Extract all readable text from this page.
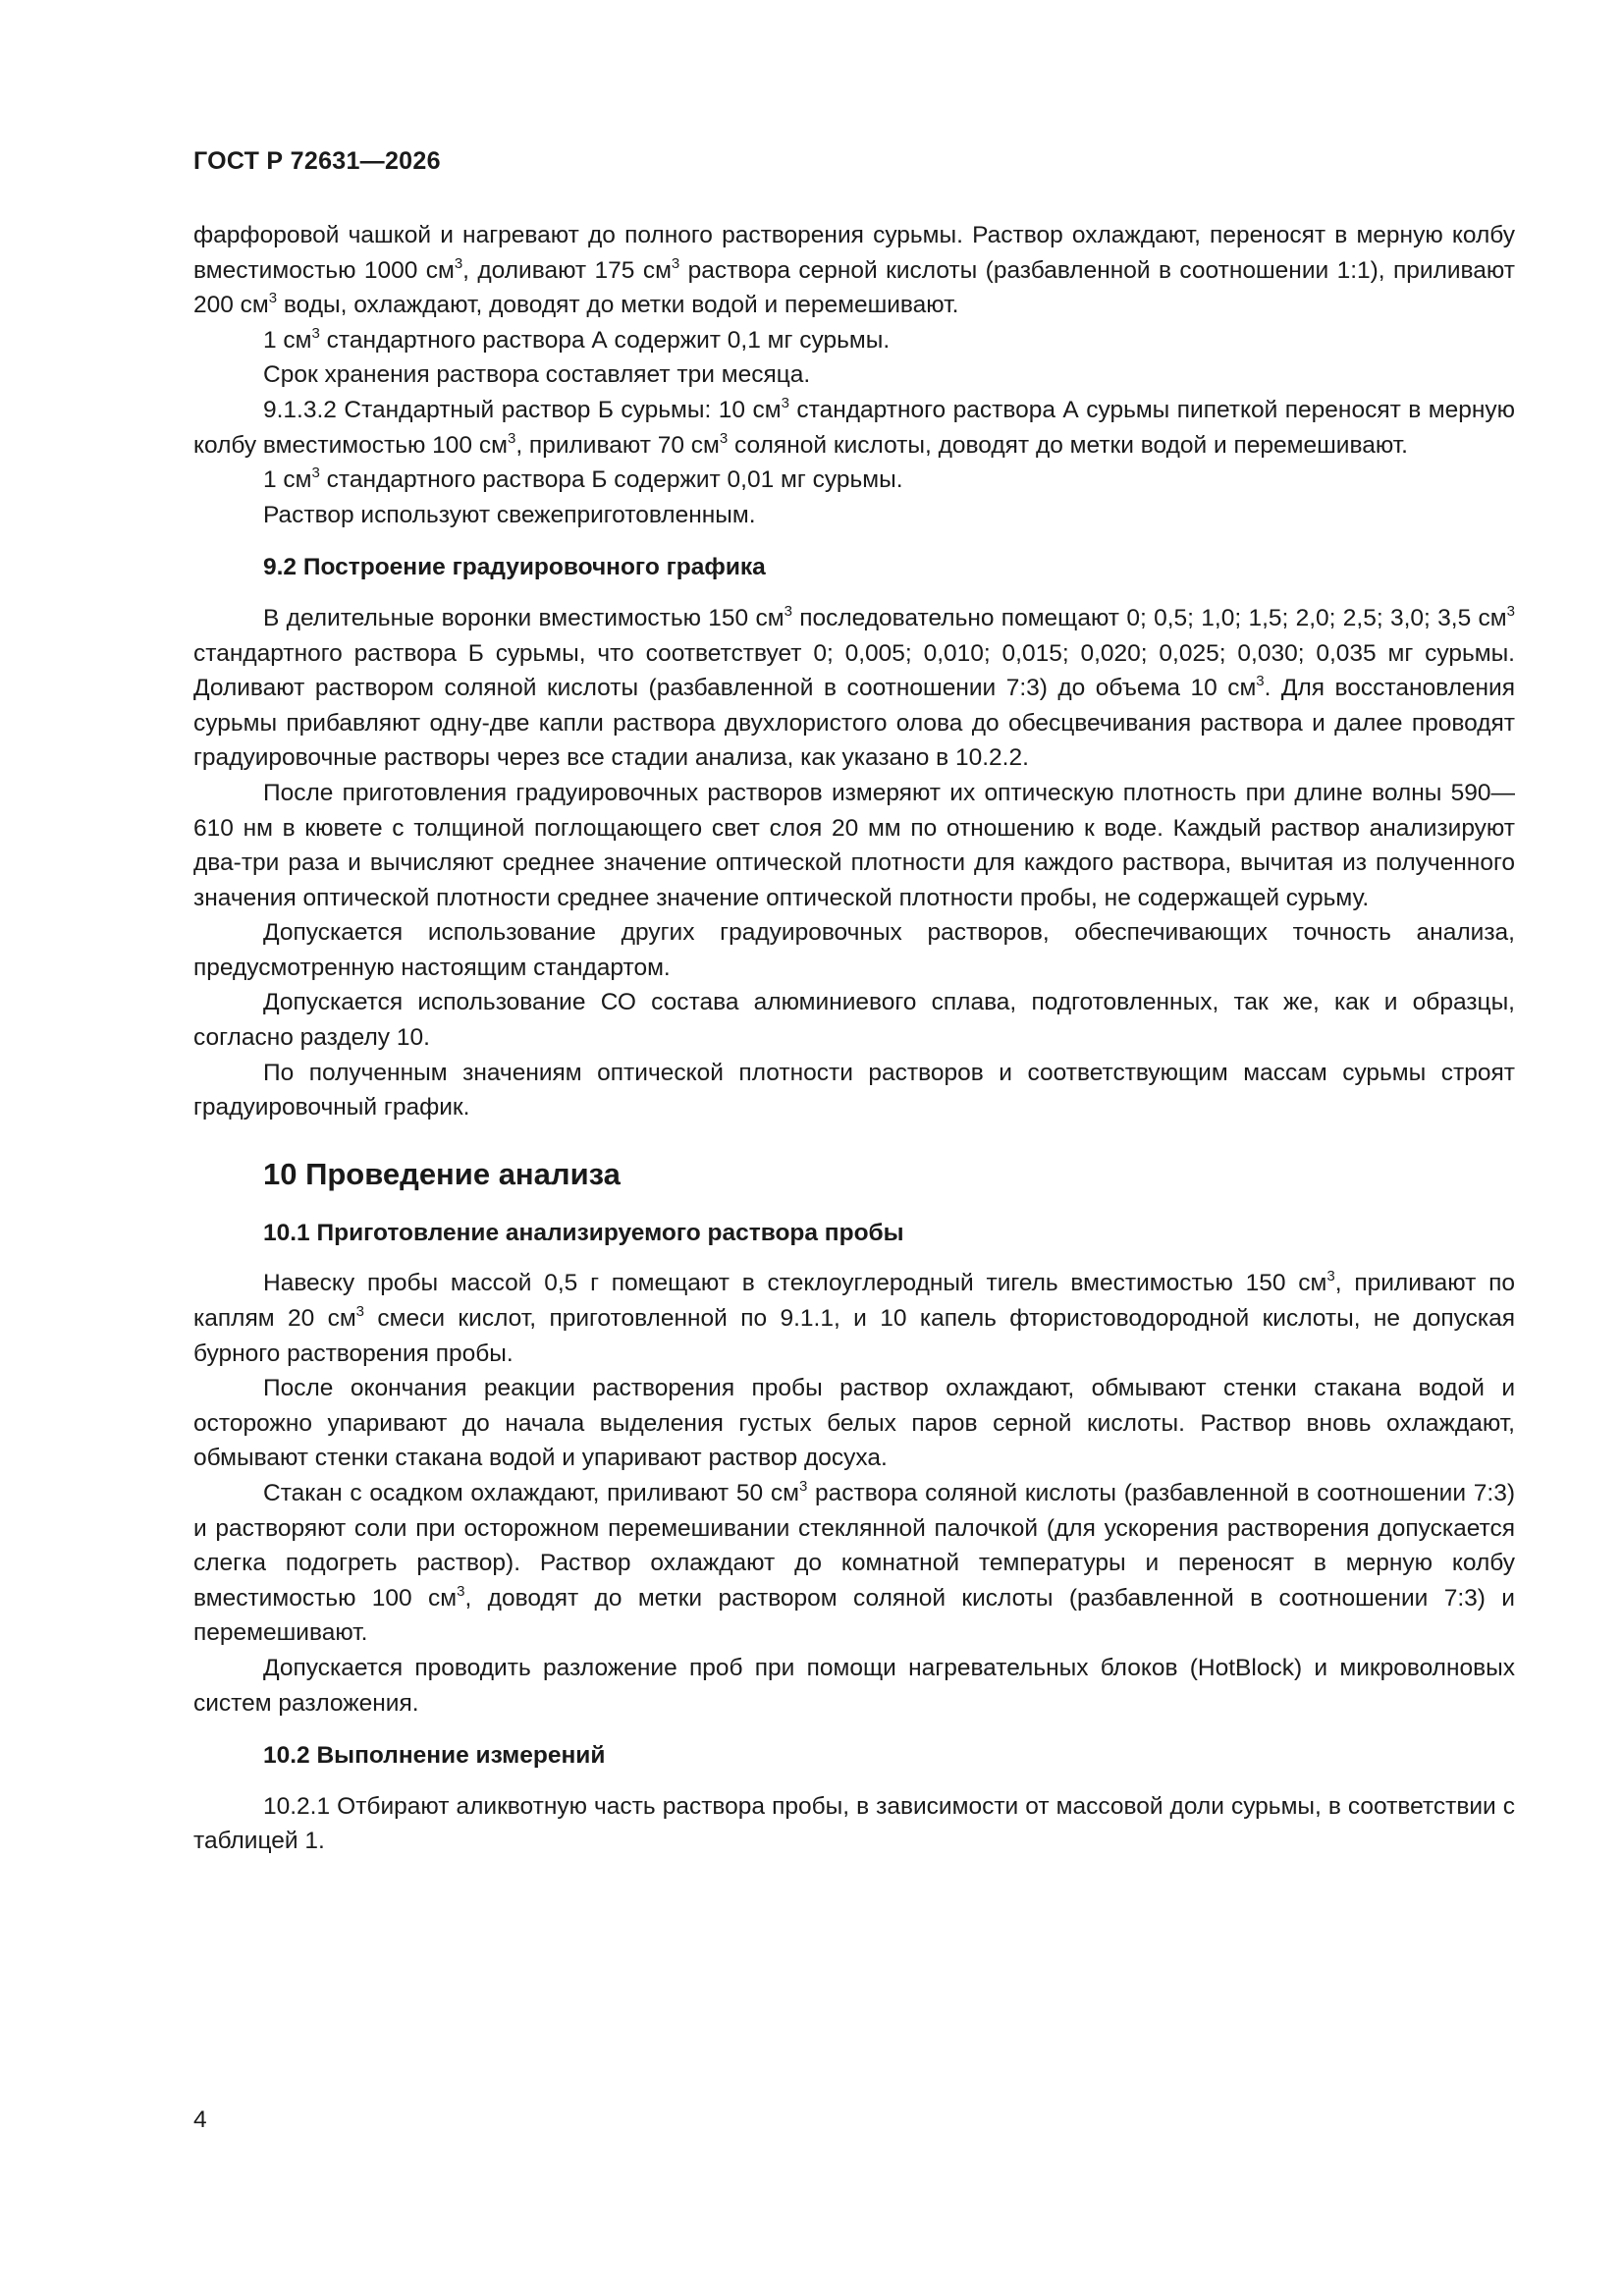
ГОСТ Р 72631—2026

фарфоровой чашкой и нагревают до полного растворения сурьмы. Раствор охлаждают, переносят в мерную колбу вместимостью 1000 $см^3$, доливают 175 $см^3$ раствора серной кислоты (разбавленной в соотношении 1:1), приливают 200 $см^3$ воды, охлаждают, доводят до метки водой и перемешивают.

1 $см^3$ стандартного раствора А содержит 0,1 мг сурьмы.

Срок хранения раствора составляет три месяца.

9.1.3.2 Стандартный раствор Б сурьмы: 10 $см^3$ стандартного раствора А сурьмы пипеткой переносят в мерную колбу вместимостью 100 $см^3$, приливают 70 $см^3$ соляной кислоты, доводят до метки водой и перемешивают.

1 $см^3$ стандартного раствора Б содержит 0,01 мг сурьмы.

Раствор используют свежеприготовленным.

9.2 Построение градуировочного графика

В делительные воронки вместимостью 150 $см^3$ последовательно помещают 0; 0,5; 1,0; 1,5; 2,0; 2,5; 3,0; 3,5 $см^3$ стандартного раствора Б сурьмы, что соответствует 0; 0,005; 0,010; 0,015; 0,020; 0,025; 0,030; 0,035 мг сурьмы. Доливают раствором соляной кислоты (разбавленной в соотношении 7:3) до объема 10 $см^3$. Для восстановления сурьмы прибавляют одну-две капли раствора двухлористого олова до обесцвечивания раствора и далее проводят градуировочные растворы через все стадии анализа, как указано в 10.2.2.

После приготовления градуировочных растворов измеряют их оптическую плотность при длине волны 590—610 нм в кювете с толщиной поглощающего свет слоя 20 мм по отношению к воде. Каждый раствор анализируют два-три раза и вычисляют среднее значение оптической плотности для каждого раствора, вычитая из полученного значения оптической плотности среднее значение оптической плотности пробы, не содержащей сурьму.

Допускается использование других градуировочных растворов, обеспечивающих точность анализа, предусмотренную настоящим стандартом.

Допускается использование СО состава алюминиевого сплава, подготовленных, так же, как и образцы, согласно разделу 10.

По полученным значениям оптической плотности растворов и соответствующим массам сурьмы строят градуировочный график.

10 Проведение анализа
10.1 Приготовление анализируемого раствора пробы

Навеску пробы массой 0,5 г помещают в стеклоуглеродный тигель вместимостью 150 $см^3$, приливают по каплям 20 $см^3$ смеси кислот, приготовленной по 9.1.1, и 10 капель фтористоводородной кислоты, не допуская бурного растворения пробы.

После окончания реакции растворения пробы раствор охлаждают, обмывают стенки стакана водой и осторожно упаривают до начала выделения густых белых паров серной кислоты. Раствор вновь охлаждают, обмывают стенки стакана водой и упаривают раствор досуха.

Стакан с осадком охлаждают, приливают 50 $см^3$ раствора соляной кислоты (разбавленной в соотношении 7:3) и растворяют соли при осторожном перемешивании стеклянной палочкой (для ускорения растворения допускается слегка подогреть раствор). Раствор охлаждают до комнатной температуры и переносят в мерную колбу вместимостью 100 $см^3$, доводят до метки раствором соляной кислоты (разбавленной в соотношении 7:3) и перемешивают.

Допускается проводить разложение проб при помощи нагревательных блоков (HotBlock) и микроволновых систем разложения.

10.2 Выполнение измерений

10.2.1 Отбирают аликвотную часть раствора пробы, в зависимости от массовой доли сурьмы, в соответствии с таблицей 1.

4
